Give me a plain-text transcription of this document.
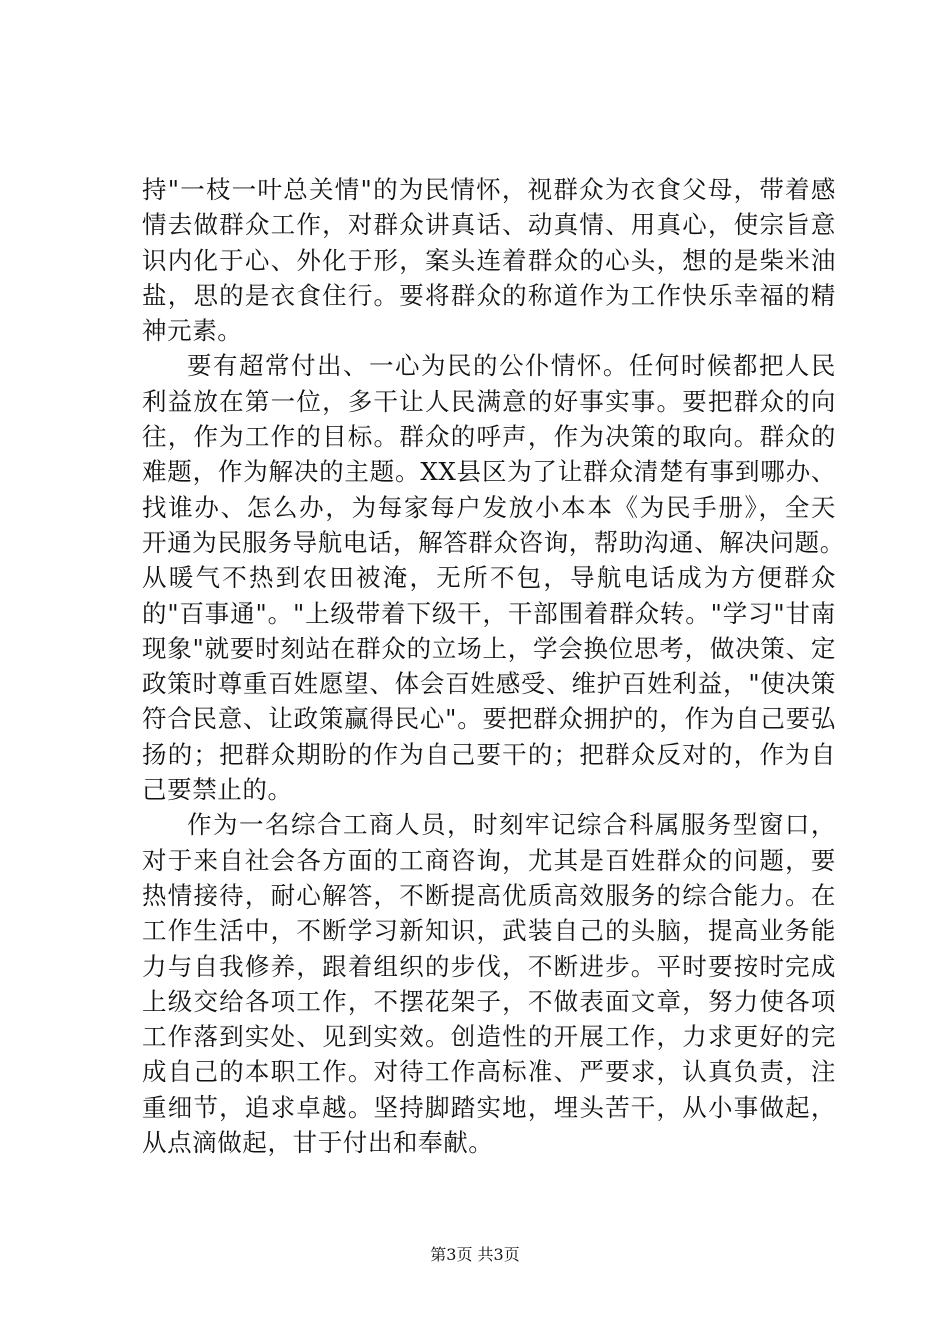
持"一枝一叶总关情"的为民情怀，视群众为衣食父母，带着感
情去做群众工作，对群众讲真话、动真情、用真心，使宗旨意
识内化于心、外化于形，案头连着群众的心头，想的是柴米油
盐，思的是衣食住行。要将群众的称道作为工作快乐幸福的精
神元素。
要有超常付出、一心为民的公仆情怀。任何时候都把人民
利益放在第一位，多干让人民满意的好事实事。要把群众的向
往，作为工作的目标。群众的呼声，作为决策的取向。群众的
难题，作为解决的主题。XX县区为了让群众清楚有事到哪办、
找谁办、怎么办，为每家每户发放小本本《为民手册》，全天
开通为民服务导航电话，解答群众咨询，帮助沟通、解决问题。
从暖气不热到农田被淹，无所不包，导航电话成为方便群众
的"百事通"。"上级带着下级干，干部围着群众转。"学习"甘南
现象"就要时刻站在群众的立场上，学会换位思考，做决策、定
政策时尊重百姓愿望、体会百姓感受、维护百姓利益，"使决策
符合民意、让政策赢得民心"。要把群众拥护的，作为自己要弘
扬的；把群众期盼的作为自己要干的；把群众反对的，作为自
己要禁止的。
作为一名综合工商人员，时刻牢记综合科属服务型窗口，
对于来自社会各方面的工商咨询，尤其是百姓群众的问题，要
热情接待，耐心解答，不断提高优质高效服务的综合能力。在
工作生活中，不断学习新知识，武装自己的头脑，提高业务能
力与自我修养，跟着组织的步伐，不断进步。平时要按时完成
上级交给各项工作，不摆花架子，不做表面文章，努力使各项
工作落到实处、见到实效。创造性的开展工作，力求更好的完
成自己的本职工作。对待工作高标准、严要求，认真负责，注
重细节，追求卓越。坚持脚踏实地，埋头苦干，从小事做起，
从点滴做起，甘于付出和奉献。
第3页 共3页
